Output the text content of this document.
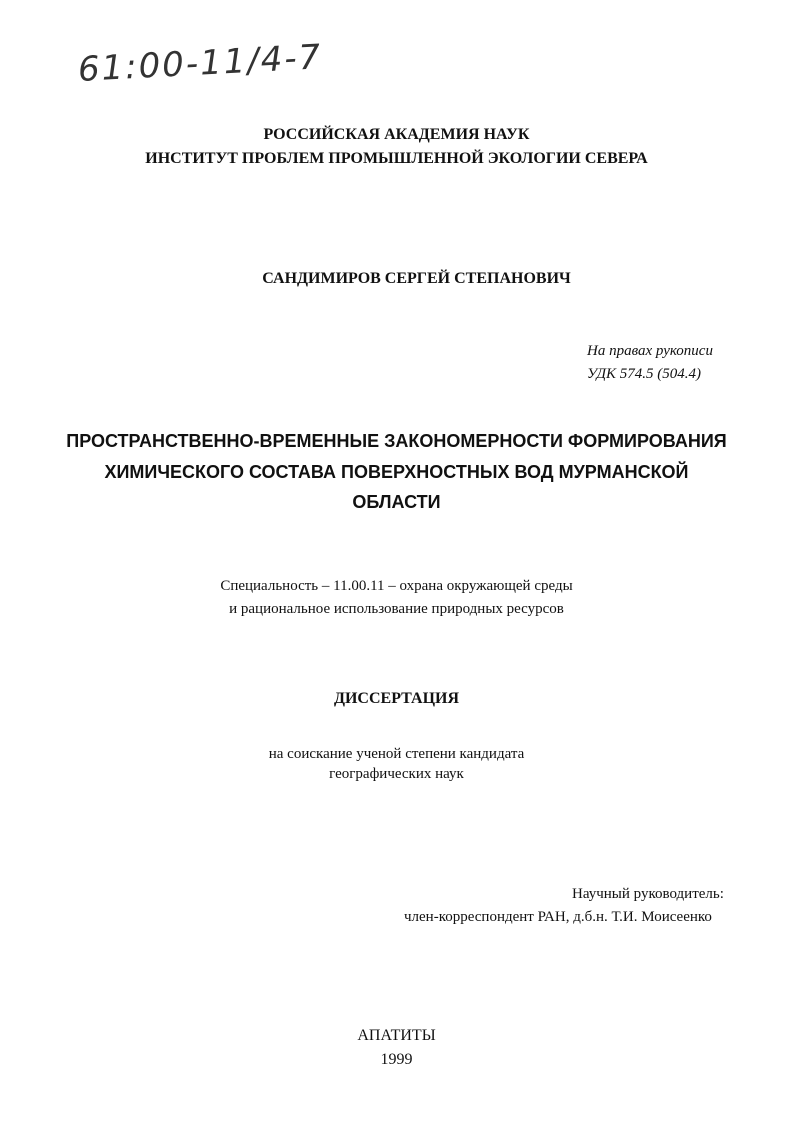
61:00-11/4-7
РОССИЙСКАЯ АКАДЕМИЯ НАУК
ИНСТИТУТ ПРОБЛЕМ ПРОМЫШЛЕННОЙ ЭКОЛОГИИ СЕВЕРА
САНДИМИРОВ СЕРГЕЙ СТЕПАНОВИЧ
На правах рукописи
УДК 574.5 (504.4)
ПРОСТРАНСТВЕННО-ВРЕМЕННЫЕ ЗАКОНОМЕРНОСТИ ФОРМИРОВАНИЯ
ХИМИЧЕСКОГО СОСТАВА ПОВЕРХНОСТНЫХ ВОД МУРМАНСКОЙ
ОБЛАСТИ
Специальность – 11.00.11 – охрана окружающей среды
и рациональное использование природных ресурсов
ДИССЕРТАЦИЯ
на соискание ученой степени кандидата
географических наук
Научный руководитель:
член-корреспондент РАН, д.б.н. Т.И. Моисеенко
АПАТИТЫ
1999
